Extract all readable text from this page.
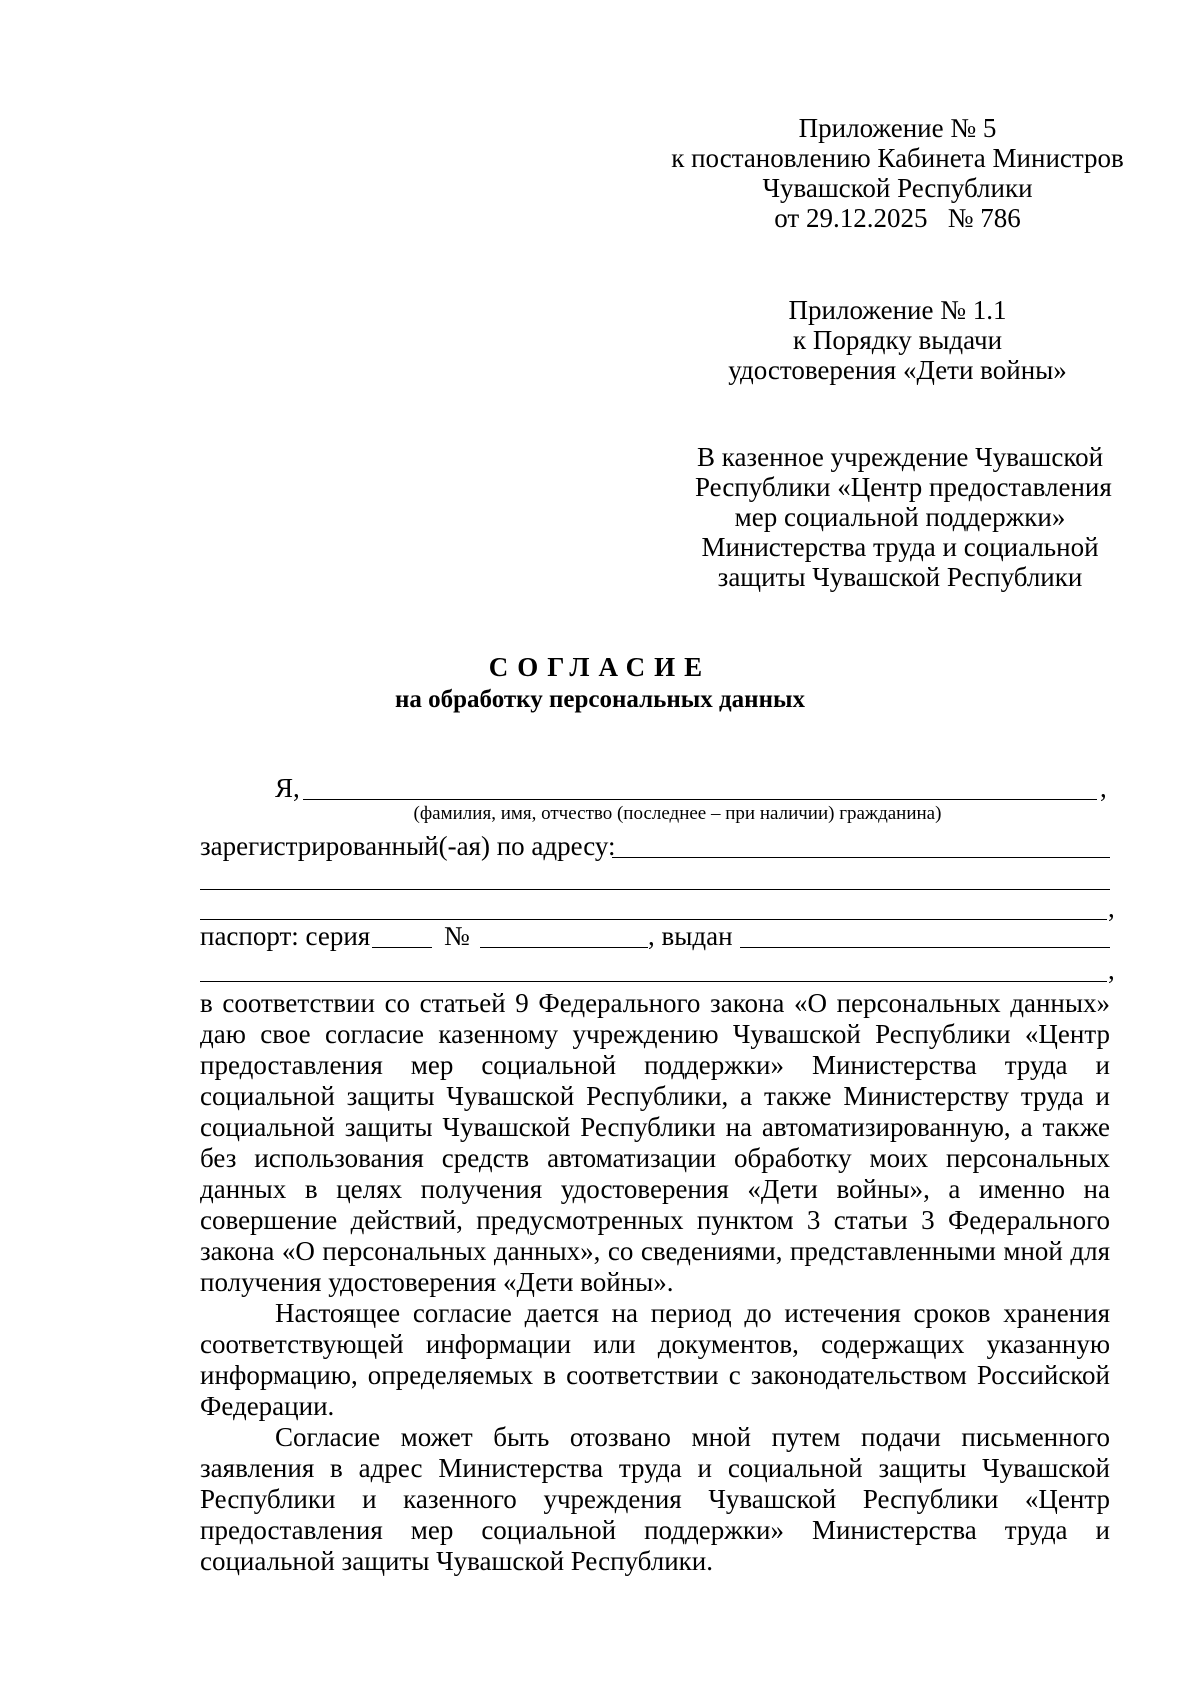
Приложение № 5
к постановлению Кабинета Министров
Чувашской Республики
от 29.12.2025   № 786
Приложение № 1.1
к Порядку выдачи
удостоверения «Дети войны»
В казенное учреждение Чувашской
Республики «Центр предоставления
мер социальной поддержки»
Министерства труда и социальной
защиты Чувашской Республики
СОГЛАСИЕ
на обработку персональных данных
Я,	,
(фамилия, имя, отчество (последнее – при наличии) гражданина)
зарегистрированный(-ая) по адресу:
,
паспорт: серия	№	, выдан
,

в соответствии со статьей 9 Федерального закона «О персональных данных» даю свое согласие казенному учреждению Чувашской Республики «Центр предоставления мер социальной поддержки» Министерства труда и социальной защиты Чувашской Республики, а также Министерству труда и социальной защиты Чувашской Республики на автоматизированную, а также без использования средств автоматизации обработку моих персональных данных в целях получения удостоверения «Дети войны», а именно на совершение действий, предусмотренных пунктом 3 статьи 3 Федерального закона «О персональных данных», со сведениями, представленными мной для получения удостоверения «Дети войны».

Настоящее согласие дается на период до истечения сроков хранения соответствующей информации или документов, содержащих указанную информацию, определяемых в соответствии с законодательством Российской Федерации.

Согласие может быть отозвано мной путем подачи письменного заявления в адрес Министерства труда и социальной защиты Чувашской Республики и казенного учреждения Чувашской Республики «Центр предоставления мер социальной поддержки» Министерства труда и социальной защиты Чувашской Республики.
